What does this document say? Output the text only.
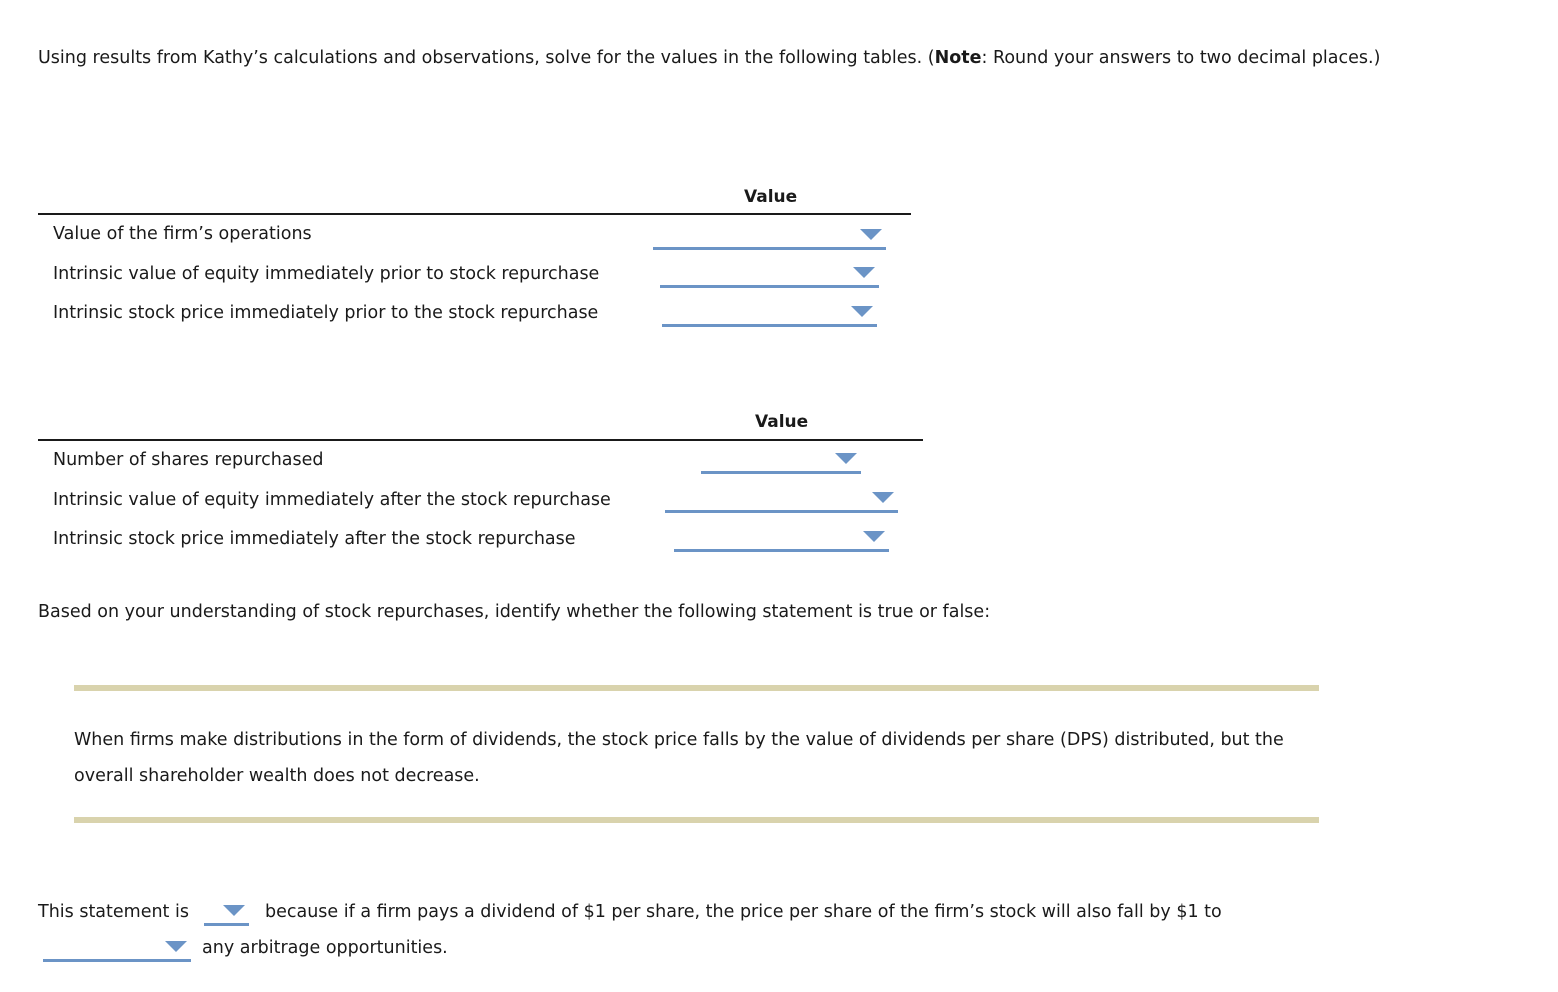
Using results from Kathy’s calculations and observations, solve for the values in the following tables. (Note: Round your answers to two decimal places.)
Value
Value of the firm’s operations
Intrinsic value of equity immediately prior to stock repurchase
Intrinsic stock price immediately prior to the stock repurchase
Value
Number of shares repurchased
Intrinsic value of equity immediately after the stock repurchase
Intrinsic stock price immediately after the stock repurchase
Based on your understanding of stock repurchases, identify whether the following statement is true or false:
When firms make distributions in the form of dividends, the stock price falls by the value of dividends per share (DPS) distributed, but the overall shareholder wealth does not decrease.
This statement is	because if a firm pays a dividend of $1 per share, the price per share of the firm’s stock will also fall by $1 to
any arbitrage opportunities.
